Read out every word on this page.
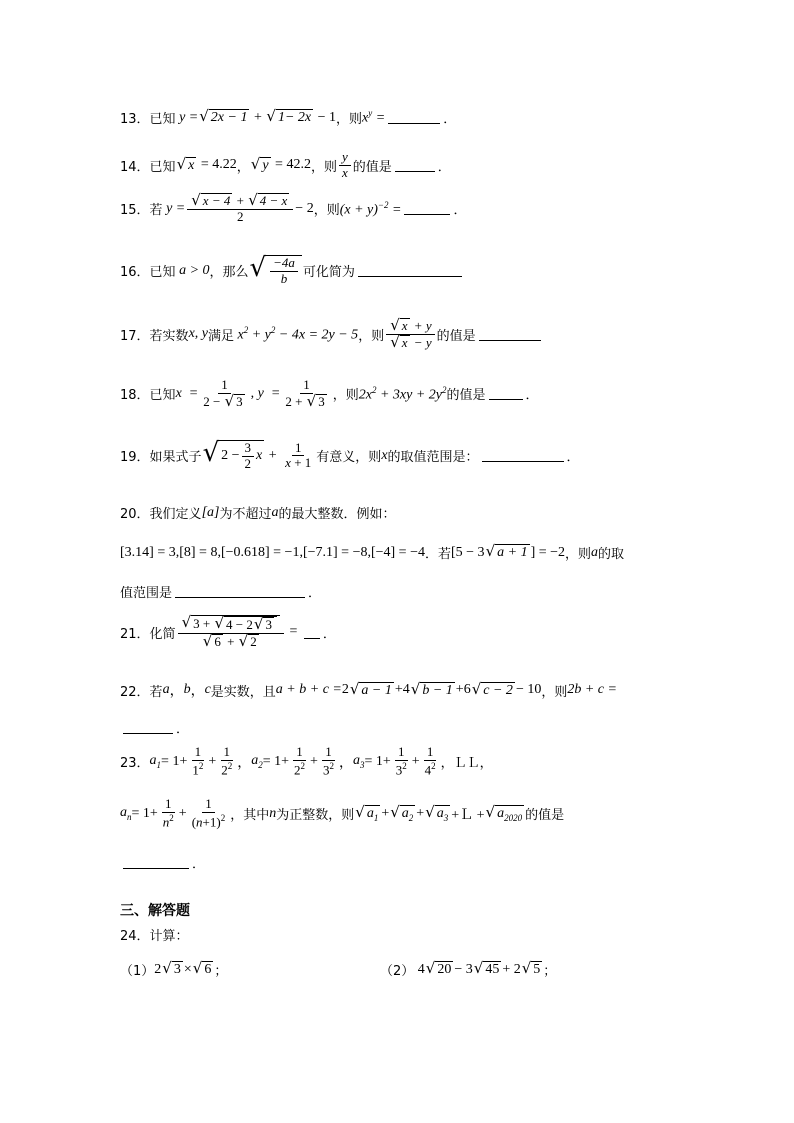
13． 已知 y = √ 2x − 1 + √ 1− 2x − 1 ，则 $x^y$ =	．
14． 已知 √ x = 4.22 ， √ y = 42.2 ，则 $\frac{y}{x}$ 的值是	．
15． 若 $y = \frac{√ x - 4 + √ 4 - x}{2} - 2$ ，则 $(x + y)^{-2}$ =	．
16． 已知 a > 0 ，那么 √ $\frac{-4a}{b}$ 可化简为
17． 若实数 x, y 满足 $x^2 + y^2 - 4x = 2y - 5$ ，则 $\frac{√ x + y}{√ x - y}$ 的值是
18． 已知 $x = \frac{1}{2 - √ 3}$ , $y = \frac{1}{2 + √ 3}$ ，则 $2x^2 + 3xy + 2y^2$ 的值是	．
19． 如果式子 √ $2 - \frac{3}{2}$ $x + \frac{1}{x + 1}$ 有意义，则 x 的取值范围是：	．
20． 我们定义 [a] 为不超过 a 的最大整数．例如：
[3.14] = 3,[8] = 8,[−0.618] = −1,[−7.1] = −8,[−4] = −4 ．若 [5 − 3 √ a + 1 ] = −2 ，则 a 的取
值范围是	．
21． 化简 $\frac{√ 3 + √ 4 - 2 √ 3}{√ 6 + √ 2}$ = ．
22． 若 a ， b ， c 是实数，且 a + b + c = 2 √ a − 1 +4 √ b − 1 +6 √ c − 2 − 10 ，则 2b + c =
．
23． $a_1 = 1+ \frac{1}{1^2} + \frac{1}{2^2}$ ， $a_2 = 1+ \frac{1}{2^2} + \frac{1}{3^2}$ ， $a_3 = 1+ \frac{1}{3^2} + \frac{1}{4^2}$ ，ＬＬ，
$a_n = 1+ \frac{1}{n^2} + \frac{1}{(n+1)^2}$ ，其中 n 为正整数，则 √ $a_1$ + √ $a_2$ + √ $a_3$ +Ｌ + √ $a_{2020}$ 的值是
．
三、解答题
24． 计算：
（1） 2 √ 3 × √ 6 ；	（2） 4 √ 20 − 3 √ 45 + 2 √ 5 ；
